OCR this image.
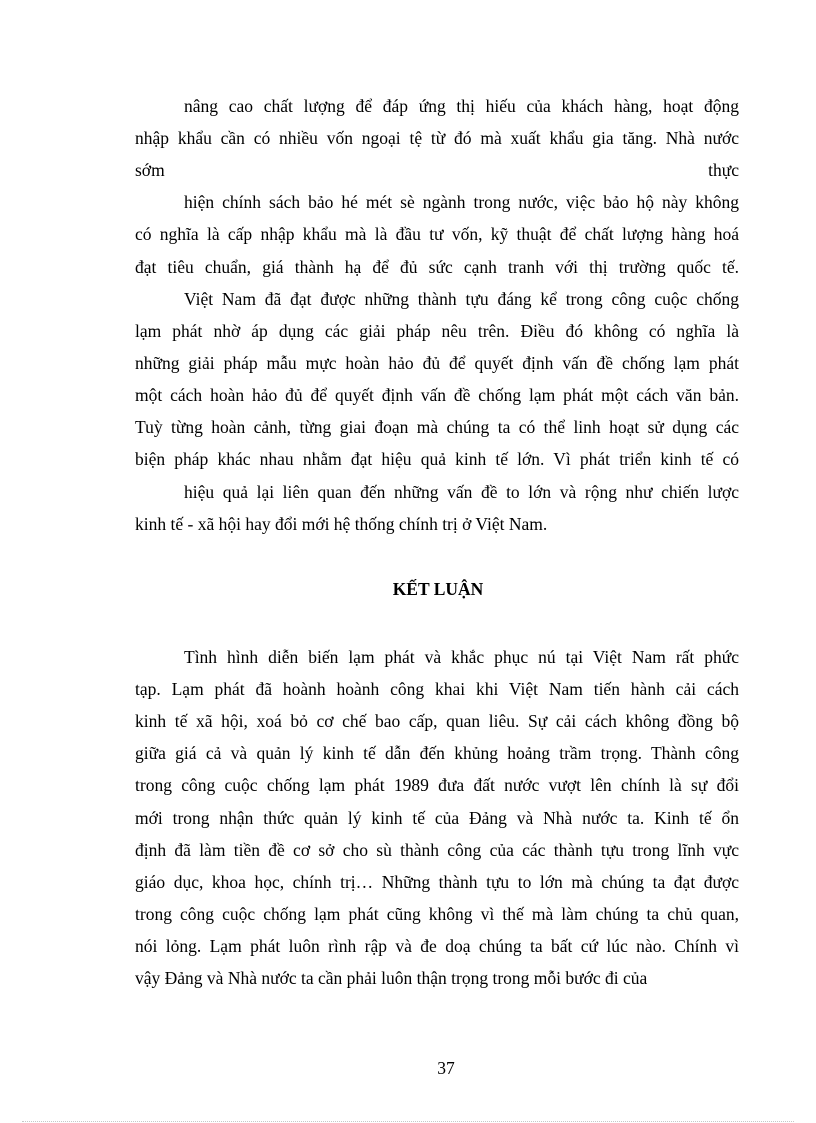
nâng cao chất lượng để đáp ứng thị hiếu của khách hàng, hoạt động
nhập khẩu cần có nhiều vốn ngoại tệ từ đó mà xuất khẩu gia tăng. Nhà nước
sớm	thực
hiện chính sách bảo hé mét sè ngành trong nước, việc bảo hộ này không
có nghĩa là cấp nhập khẩu mà là đầu tư vốn, kỹ thuật để chất lượng hàng hoá
đạt tiêu chuẩn, giá thành hạ để đủ sức cạnh tranh với thị trường quốc tế.
Việt Nam đã đạt được những thành tựu đáng kể trong công cuộc chống
lạm phát nhờ áp dụng các giải pháp nêu trên. Điều đó không có nghĩa là
những giải pháp mẫu mực hoàn hảo đủ để quyết định vấn đề chống lạm phát
một cách hoàn hảo đủ để quyết định vấn đề chống lạm phát một cách văn bản.
Tuỳ từng hoàn cảnh, từng giai đoạn mà chúng ta có thể linh hoạt sử dụng các
biện pháp khác nhau nhằm đạt hiệu quả kinh tế lớn. Vì phát triển kinh tế có
hiệu quả lại liên quan đến những vấn đề to lớn và rộng như chiến lược
kinh tế - xã hội hay đổi mới hệ thống chính trị ở Việt Nam.
KẾT LUẬN
Tình hình diễn biến lạm phát và khắc phục nú tại Việt Nam rất phức
tạp. Lạm phát đã hoành hoành công khai khi Việt Nam tiến hành cải cách
kinh tế xã hội, xoá bỏ cơ chế bao cấp, quan liêu. Sự cải cách không đồng bộ
giữa giá cả và quản lý kinh tế dẫn đến khủng hoảng trầm trọng. Thành công
trong công cuộc chống lạm phát 1989 đưa đất nước vượt lên chính là sự đổi
mới trong nhận thức quản lý kinh tế của Đảng và Nhà nước ta. Kinh tế ổn
định đã làm tiền đề cơ sở cho sù thành công của các thành tựu trong lĩnh vực
giáo dục, khoa học, chính trị… Những thành tựu to lớn mà chúng ta đạt được
trong công cuộc chống lạm phát cũng không vì thế mà làm chúng ta chủ quan,
nói lỏng. Lạm phát luôn rình rập và đe doạ chúng ta bất cứ lúc nào. Chính vì
vậy Đảng và Nhà nước ta cần phải luôn thận trọng trong mỗi bước đi của
37
